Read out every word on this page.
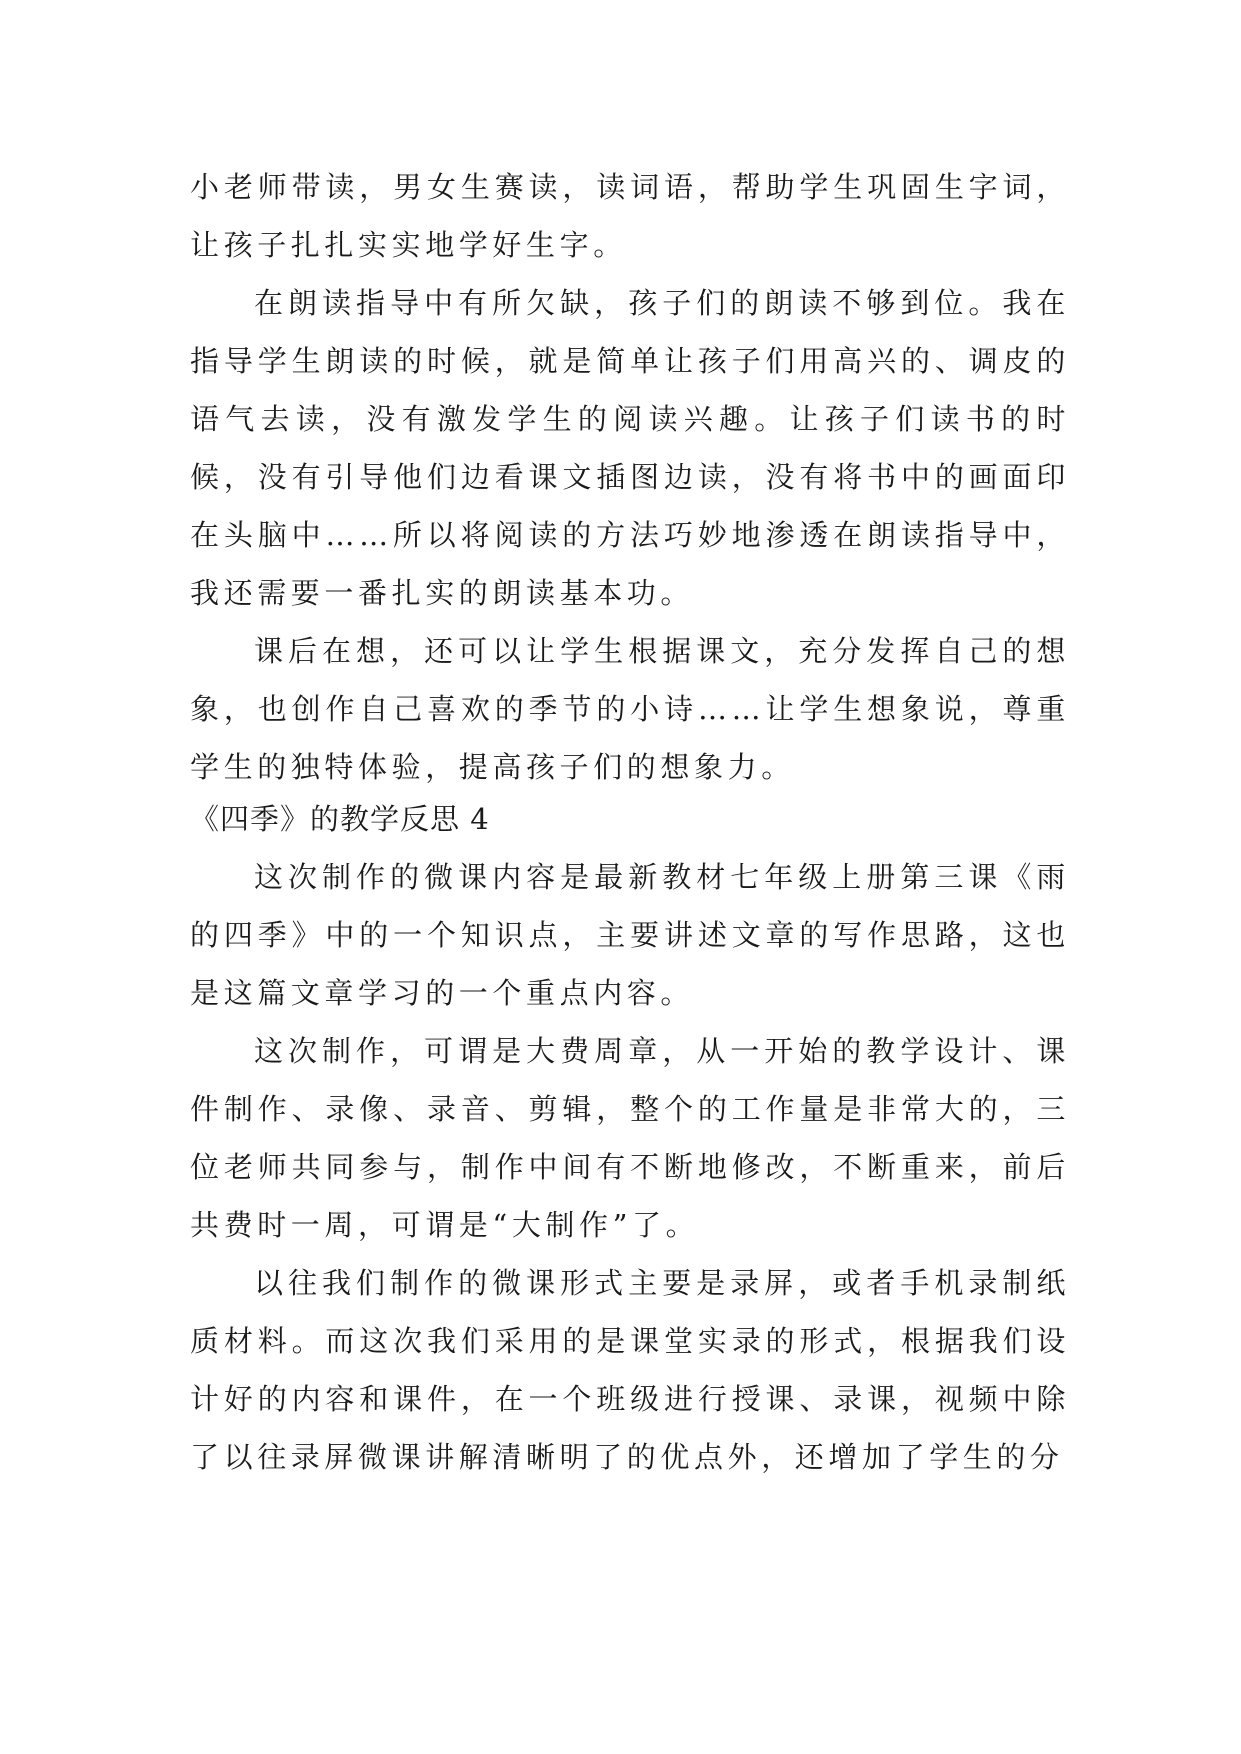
小老师带读，男女生赛读，读词语，帮助学生巩固生字词，让孩子扎扎实实地学好生字。

在朗读指导中有所欠缺，孩子们的朗读不够到位。我在指导学生朗读的时候，就是简单让孩子们用高兴的、调皮的语气去读，没有激发学生的阅读兴趣。让孩子们读书的时候，没有引导他们边看课文插图边读，没有将书中的画面印在头脑中……所以将阅读的方法巧妙地渗透在朗读指导中，我还需要一番扎实的朗读基本功。

课后在想，还可以让学生根据课文，充分发挥自己的想象，也创作自己喜欢的季节的小诗……让学生想象说，尊重学生的独特体验，提高孩子们的想象力。

《四季》的教学反思 4

这次制作的微课内容是最新教材七年级上册第三课《雨的四季》中的一个知识点，主要讲述文章的写作思路，这也是这篇文章学习的一个重点内容。

这次制作，可谓是大费周章，从一开始的教学设计、课件制作、录像、录音、剪辑，整个的工作量是非常大的，三位老师共同参与，制作中间有不断地修改，不断重来，前后共费时一周，可谓是“大制作”了。

以往我们制作的微课形式主要是录屏，或者手机录制纸质材料。而这次我们采用的是课堂实录的形式，根据我们设计好的内容和课件，在一个班级进行授课、录课，视频中除了以往录屏微课讲解清晰明了的优点外，还增加了学生的分
